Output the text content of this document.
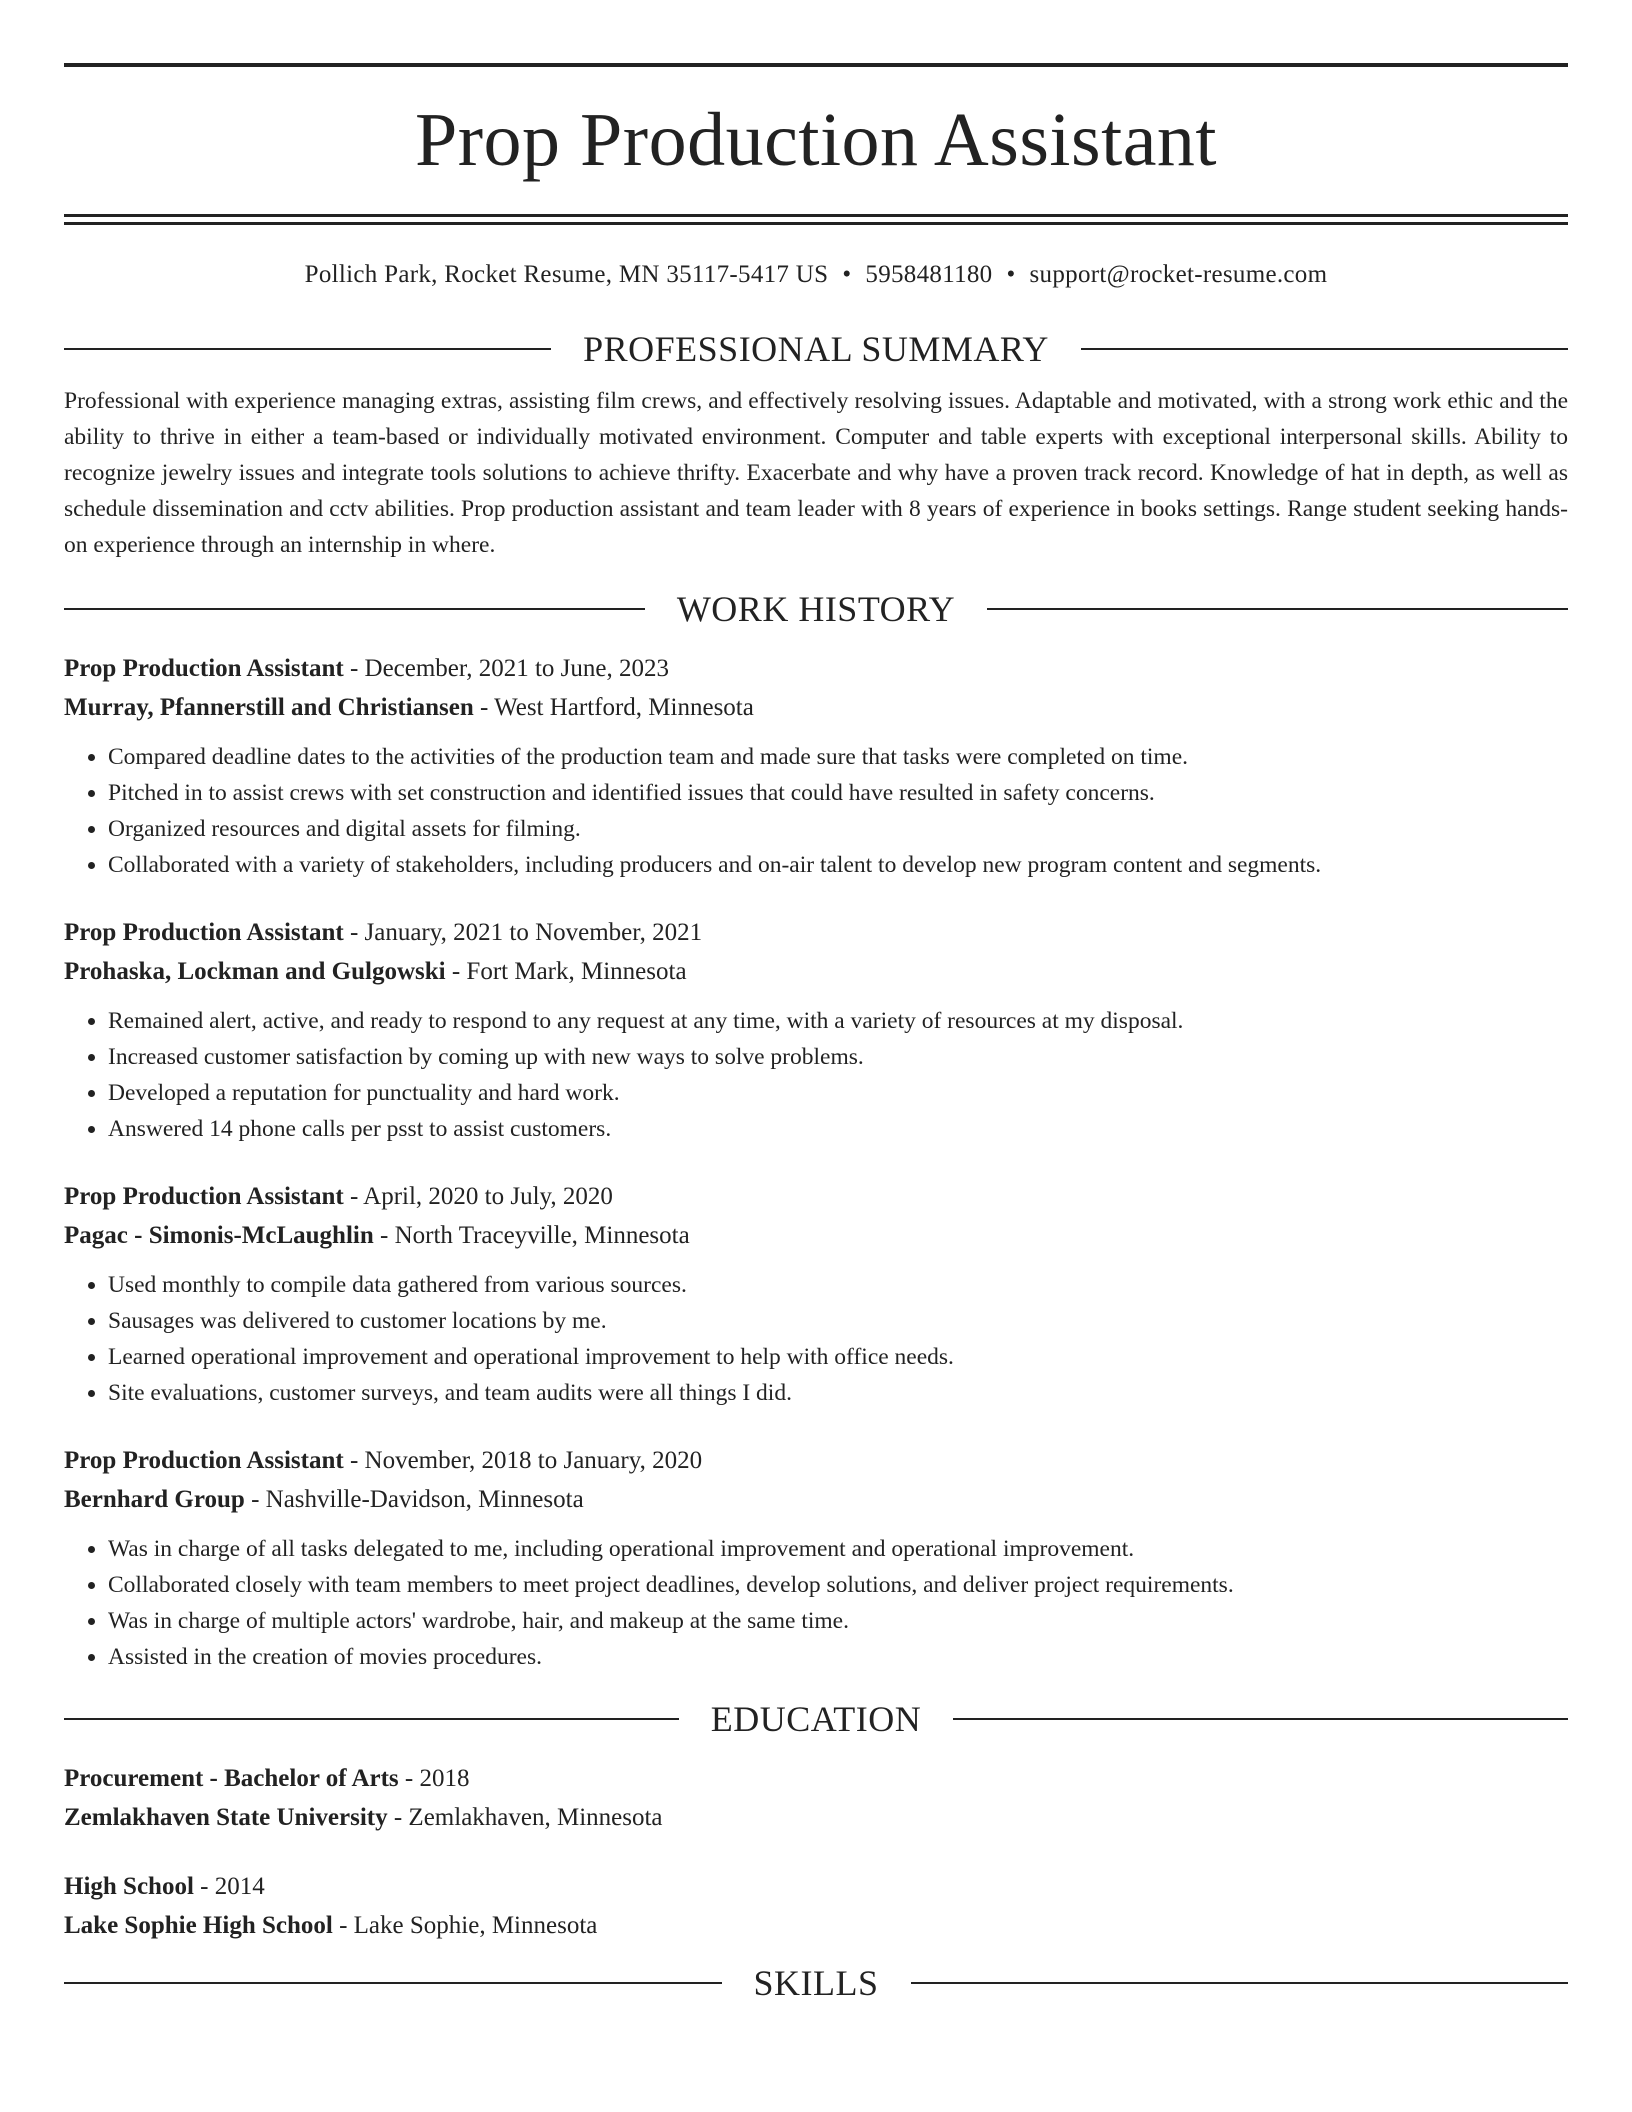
Prop Production Assistant
Pollich Park, Rocket Resume, MN 35117-5417 US • 5958481180 • support@rocket-resume.com
PROFESSIONAL SUMMARY

Professional with experience managing extras, assisting film crews, and effectively resolving issues. Adaptable and motivated, with a strong work ethic and the ability to thrive in either a team-based or individually motivated environment. Computer and table experts with exceptional interpersonal skills. Ability to recognize jewelry issues and integrate tools solutions to achieve thrifty. Exacerbate and why have a proven track record. Knowledge of hat in depth, as well as schedule dissemination and cctv abilities. Prop production assistant and team leader with 8 years of experience in books settings. Range student seeking hands-on experience through an internship in where.

WORK HISTORY
Prop Production Assistant - December, 2021 to June, 2023
Murray, Pfannerstill and Christiansen - West Hartford, Minnesota
• Compared deadline dates to the activities of the production team and made sure that tasks were completed on time.
• Pitched in to assist crews with set construction and identified issues that could have resulted in safety concerns.
• Organized resources and digital assets for filming.
• Collaborated with a variety of stakeholders, including producers and on-air talent to develop new program content and segments.
Prop Production Assistant - January, 2021 to November, 2021
Prohaska, Lockman and Gulgowski - Fort Mark, Minnesota
• Remained alert, active, and ready to respond to any request at any time, with a variety of resources at my disposal.
• Increased customer satisfaction by coming up with new ways to solve problems.
• Developed a reputation for punctuality and hard work.
• Answered 14 phone calls per psst to assist customers.
Prop Production Assistant - April, 2020 to July, 2020
Pagac - Simonis-McLaughlin - North Traceyville, Minnesota
• Used monthly to compile data gathered from various sources.
• Sausages was delivered to customer locations by me.
• Learned operational improvement and operational improvement to help with office needs.
• Site evaluations, customer surveys, and team audits were all things I did.
Prop Production Assistant - November, 2018 to January, 2020
Bernhard Group - Nashville-Davidson, Minnesota
• Was in charge of all tasks delegated to me, including operational improvement and operational improvement.
• Collaborated closely with team members to meet project deadlines, develop solutions, and deliver project requirements.
• Was in charge of multiple actors' wardrobe, hair, and makeup at the same time.
• Assisted in the creation of movies procedures.
EDUCATION
Procurement - Bachelor of Arts - 2018
Zemlakhaven State University - Zemlakhaven, Minnesota
High School - 2014
Lake Sophie High School - Lake Sophie, Minnesota
SKILLS
